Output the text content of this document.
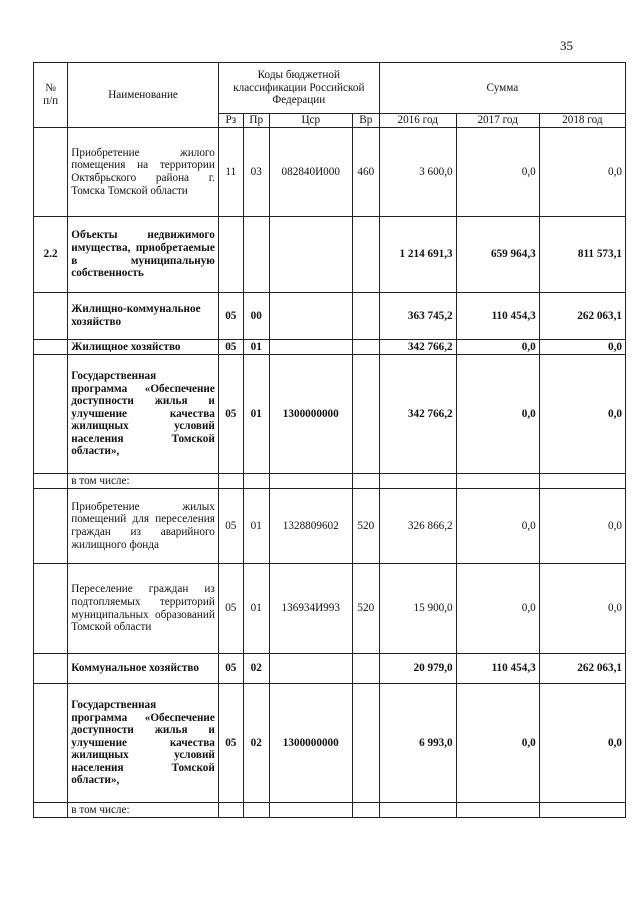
35
№
п/п	Наименование	Коды бюджетной классификации Российской Федерации				Сумма		
		Рз	Пр	Цср	Вр	2016 год	2017 год	2018 год
	Приобретение жилого помещения на территории Октябрьского района г. Томска Томской области	11	03	082840И000	460	3 600,0	0,0	0,0
2.2	Объекты недвижимого имущества, приобретаемые в муниципальную собственность					1 214 691,3	659 964,3	811 573,1
	Жилищно-коммунальное хозяйство	05	00			363 745,2	110 454,3	262 063,1
	Жилищное хозяйство	05	01			342 766,2	0,0	0,0
	Государственная программа «Обеспечение доступности жилья и улучшение качества жилищных условий населения Томской области»,	05	01	1300000000		342 766,2	0,0	0,0
	в том числе:							
	Приобретение жилых помещений для переселения граждан из аварийного жилищного фонда	05	01	1328809602	520	326 866,2	0,0	0,0
	Переселение граждан из подтопляемых территорий муниципальных образований Томской области	05	01	136934И993	520	15 900,0	0,0	0,0
	Коммунальное хозяйство	05	02			20 979,0	110 454,3	262 063,1
	Государственная программа «Обеспечение доступности жилья и улучшение качества жилищных условий населения Томской области»,	05	02	1300000000		6 993,0	0,0	0,0
	в том числе:							
